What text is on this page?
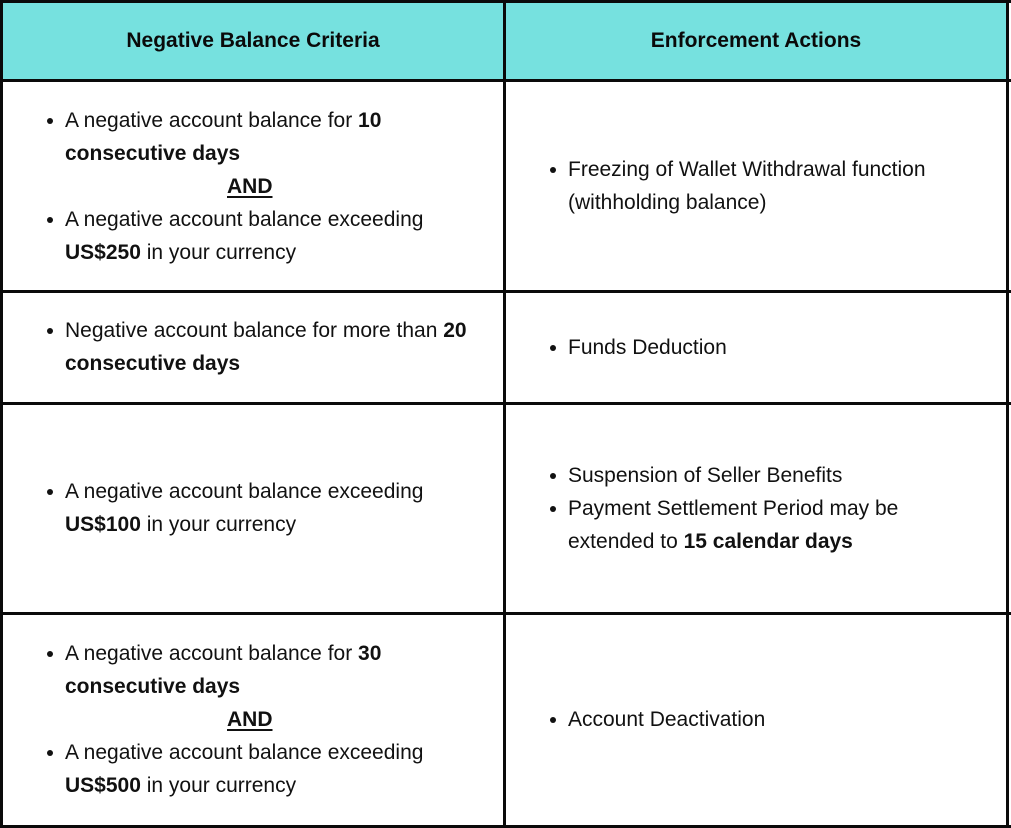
Negative Balance Criteria	Enforcement Actions
A negative account balance for 10 consecutive days
AND
A negative account balance exceeding US$250 in your currency
Freezing of Wallet Withdrawal function (withholding balance)
Negative account balance for more than 20 consecutive days
Funds Deduction
A negative account balance exceeding US$100 in your currency
Suspension of Seller Benefits
Payment Settlement Period may be extended to 15 calendar days
A negative account balance for 30 consecutive days
AND
A negative account balance exceeding US$500 in your currency
Account Deactivation
